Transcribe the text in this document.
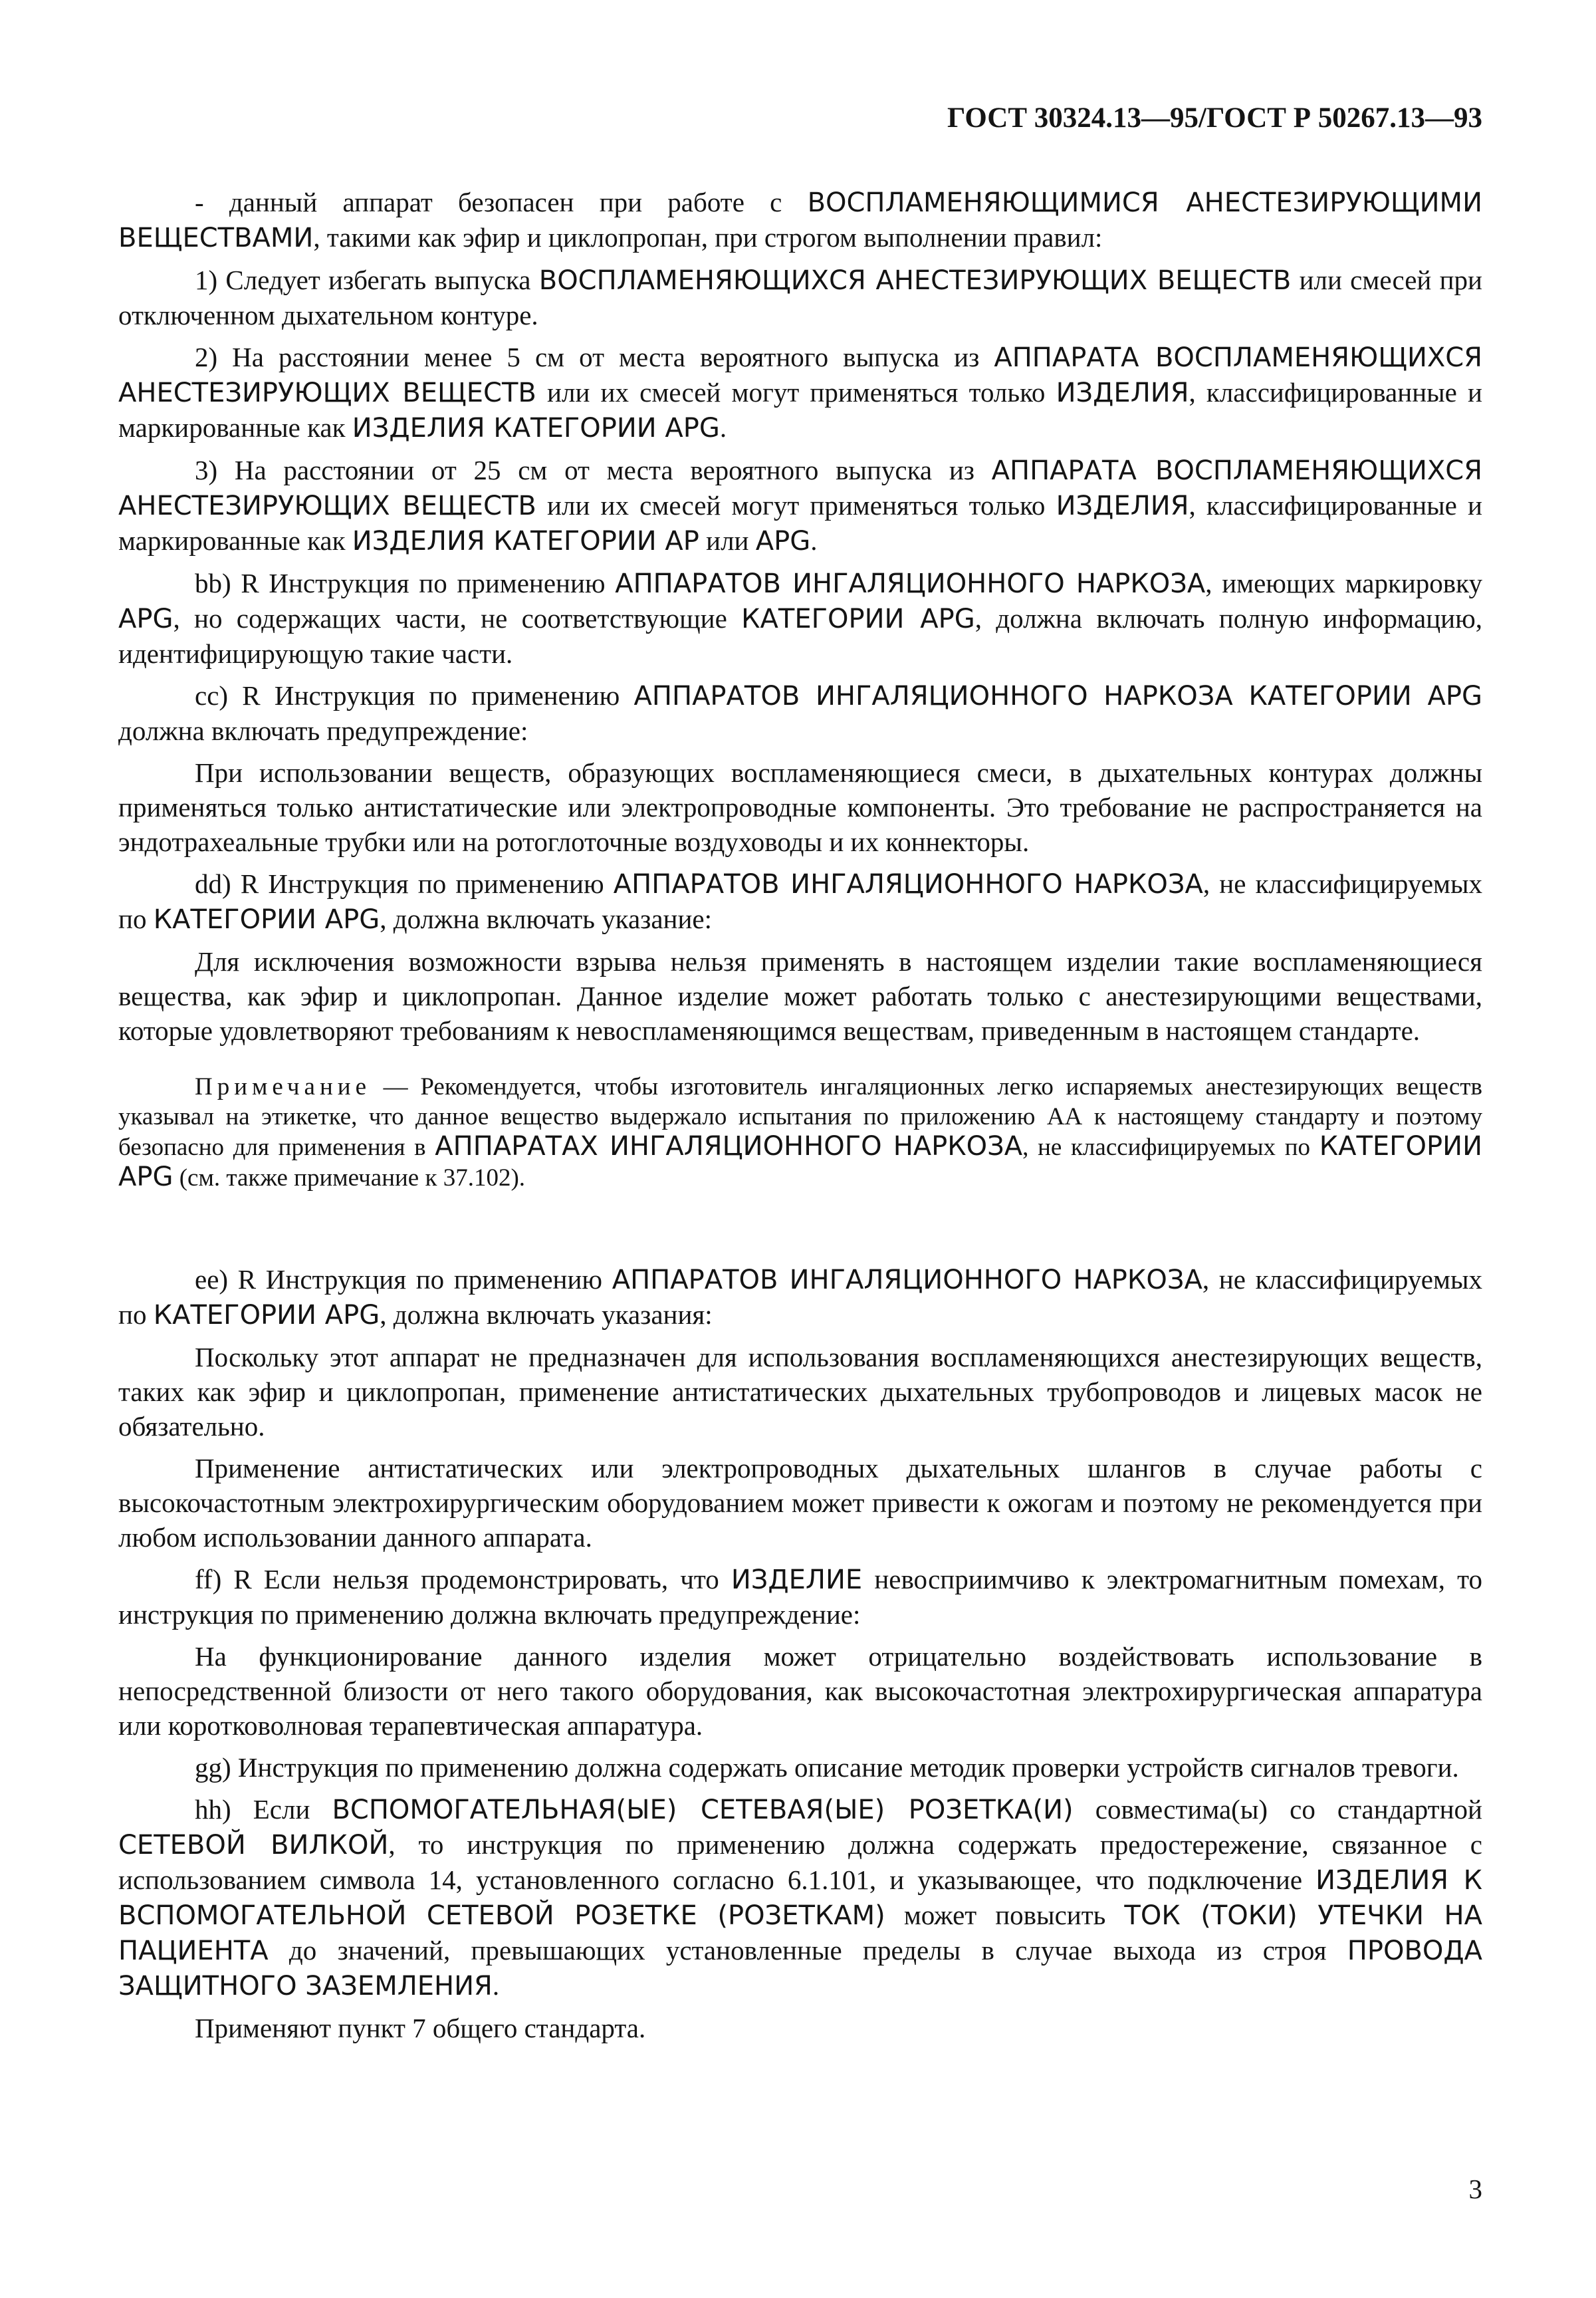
ГОСТ 30324.13—95/ГОСТ Р 50267.13—93

- данный аппарат безопасен при работе с ВОСПЛАМЕНЯЮЩИМИСЯ АНЕСТЕЗИРУЮЩИМИ ВЕЩЕСТВАМИ, такими как эфир и циклопропан, при строгом выполнении правил:

1) Следует избегать выпуска ВОСПЛАМЕНЯЮЩИХСЯ АНЕСТЕЗИРУЮЩИХ ВЕЩЕСТВ или смесей при отключенном дыхательном контуре.

2) На расстоянии менее 5 см от места вероятного выпуска из АППАРАТА ВОСПЛАМЕНЯЮЩИХСЯ АНЕСТЕЗИРУЮЩИХ ВЕЩЕСТВ или их смесей могут применяться только ИЗДЕЛИЯ, классифицированные и маркированные как ИЗДЕЛИЯ КАТЕГОРИИ APG.

3) На расстоянии от 25 см от места вероятного выпуска из АППАРАТА ВОСПЛАМЕНЯЮЩИХСЯ АНЕСТЕЗИРУЮЩИХ ВЕЩЕСТВ или их смесей могут применяться только ИЗДЕЛИЯ, классифицированные и маркированные как ИЗДЕЛИЯ КАТЕГОРИИ АР или APG.

bb) R Инструкция по применению АППАРАТОВ ИНГАЛЯЦИОННОГО НАРКОЗА, имеющих маркировку APG, но содержащих части, не соответствующие КАТЕГОРИИ APG, должна включать полную информацию, идентифицирующую такие части.

cc) R Инструкция по применению АППАРАТОВ ИНГАЛЯЦИОННОГО НАРКОЗА КАТЕГОРИИ APG должна включать предупреждение:

При использовании веществ, образующих воспламеняющиеся смеси, в дыхательных контурах должны применяться только антистатические или электропроводные компоненты. Это требование не распространяется на эндотрахеальные трубки или на ротоглоточные воздуховоды и их коннекторы.

dd) R Инструкция по применению АППАРАТОВ ИНГАЛЯЦИОННОГО НАРКОЗА, не классифицируемых по КАТЕГОРИИ APG, должна включать указание:

Для исключения возможности взрыва нельзя применять в настоящем изделии такие воспламеняющиеся вещества, как эфир и циклопропан. Данное изделие может работать только с анестезирующими веществами, которые удовлетворяют требованиям к невоспламеняющимся веществам, приведенным в настоящем стандарте.

Примечание — Рекомендуется, чтобы изготовитель ингаляционных легко испаряемых анестезирующих веществ указывал на этикетке, что данное вещество выдержало испытания по приложению АА к настоящему стандарту и поэтому безопасно для применения в АППАРАТАХ ИНГАЛЯЦИОННОГО НАРКОЗА, не классифицируемых по КАТЕГОРИИ APG (см. также примечание к 37.102).

ee) R Инструкция по применению АППАРАТОВ ИНГАЛЯЦИОННОГО НАРКОЗА, не классифицируемых по КАТЕГОРИИ APG, должна включать указания:

Поскольку этот аппарат не предназначен для использования воспламеняющихся анестезирующих веществ, таких как эфир и циклопропан, применение антистатических дыхательных трубопроводов и лицевых масок не обязательно.

Применение антистатических или электропроводных дыхательных шлангов в случае работы с высокочастотным электрохирургическим оборудованием может привести к ожогам и поэтому не рекомендуется при любом использовании данного аппарата.

ff) R Если нельзя продемонстрировать, что ИЗДЕЛИЕ невосприимчиво к электромагнитным помехам, то инструкция по применению должна включать предупреждение:

На функционирование данного изделия может отрицательно воздействовать использование в непосредственной близости от него такого оборудования, как высокочастотная электрохирургическая аппаратура или коротковолновая терапевтическая аппаратура.

gg) Инструкция по применению должна содержать описание методик проверки устройств сигналов тревоги.

hh) Если ВСПОМОГАТЕЛЬНАЯ(ЫЕ) СЕТЕВАЯ(ЫЕ) РОЗЕТКА(И) совместима(ы) со стандартной СЕТЕВОЙ ВИЛКОЙ, то инструкция по применению должна содержать предостережение, связанное с использованием символа 14, установленного согласно 6.1.101, и указывающее, что подключение ИЗДЕЛИЯ К ВСПОМОГАТЕЛЬНОЙ СЕТЕВОЙ РОЗЕТКЕ (РОЗЕТКАМ) может повысить ТОК (ТОКИ) УТЕЧКИ НА ПАЦИЕНТА до значений, превышающих установленные пределы в случае выхода из строя ПРОВОДА ЗАЩИТНОГО ЗАЗЕМЛЕНИЯ.

Применяют пункт 7 общего стандарта.

3
